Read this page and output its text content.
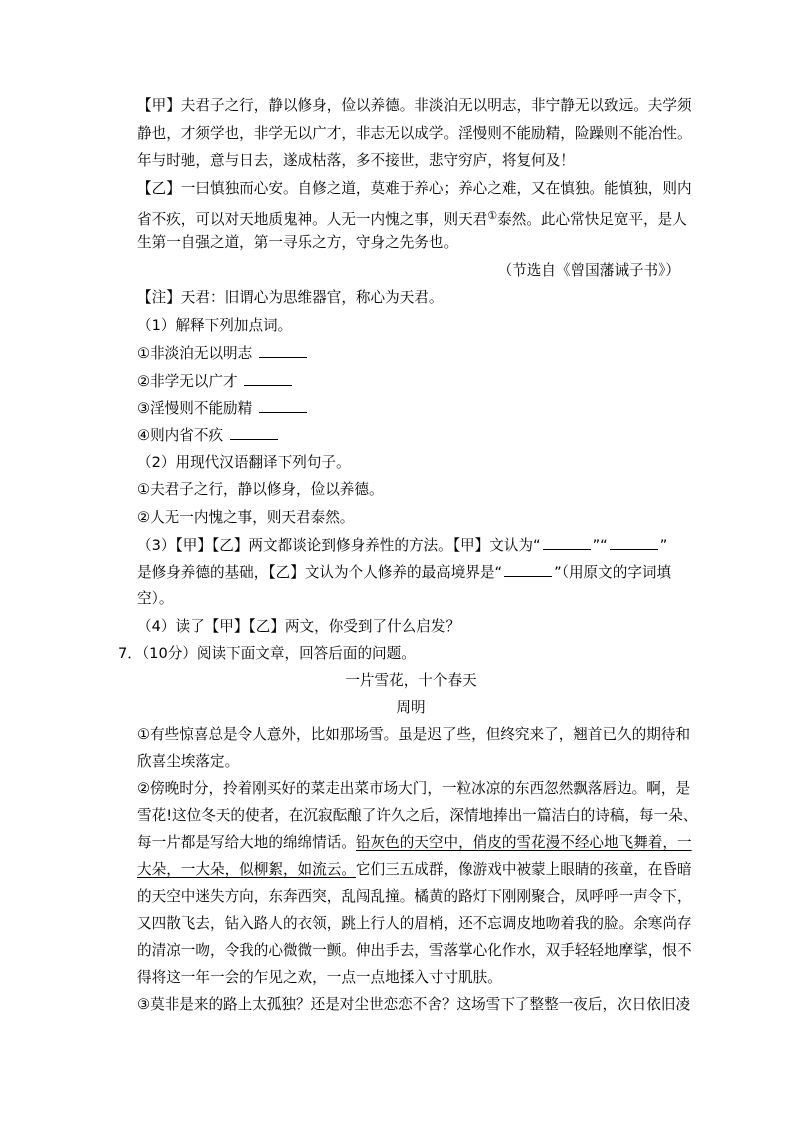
【甲】夫君子之行，静以修身，俭以养德。非淡泊无以明志，非宁静无以致远。夫学须
静也，才须学也，非学无以广才，非志无以成学。淫慢则不能励精，险躁则不能冶性。
年与时驰，意与日去，遂成枯落，多不接世，悲守穷庐，将复何及！
【乙】一曰慎独而心安。自修之道，莫难于养心；养心之难，又在慎独。能慎独，则内
省不疚，可以对天地质鬼神。人无一内愧之事，则天君①泰然。此心常快足宽平，是人
生第一自强之道，第一寻乐之方，守身之先务也。
（节选自《曾国藩诫子书》）
【注】天君：旧谓心为思维器官，称心为天君。
（1）解释下列加点词。
①非淡泊无以明志
②非学无以广才
③淫慢则不能励精
④则内省不疚
（2）用现代汉语翻译下列句子。
①夫君子之行，静以修身，俭以养德。
②人无一内愧之事，则天君泰然。
（3）【甲】【乙】两文都谈论到修身养性的方法。【甲】文认为“	”“	”
是修身养德的基础，【乙】文认为个人修养的最高境界是“	”（用原文的字词填
空）。
（4）读了【甲】【乙】两文，你受到了什么启发？
7．（10分）阅读下面文章，回答后面的问题。
一片雪花，十个春天
周明
①有些惊喜总是令人意外，比如那场雪。虽是迟了些，但终究来了，翘首已久的期待和
欣喜尘埃落定。
②傍晚时分，拎着刚买好的菜走出菜市场大门，一粒冰凉的东西忽然飘落唇边。啊，是
雪花!这位冬天的使者，在沉寂酝酿了许久之后，深情地捧出一篇洁白的诗稿，每一朵、
每一片都是写给大地的绵绵情话。铅灰色的天空中，俏皮的雪花漫不经心地飞舞着，一
大朵，一大朵，似柳絮，如流云。它们三五成群，像游戏中被蒙上眼睛的孩童，在昏暗
的天空中迷失方向，东奔西突，乱闯乱撞。橘黄的路灯下刚刚聚合，凤呼呼一声令下，
又四散飞去，钻入路人的衣领，跳上行人的眉梢，还不忘调皮地吻着我的脸。余寒尚存
的清凉一吻，令我的心微微一颤。伸出手去，雪落掌心化作水，双手轻轻地摩挲，恨不
得将这一年一会的乍见之欢，一点一点地揉入寸寸肌肤。
③莫非是来的路上太孤独？还是对尘世恋恋不舍？这场雪下了整整一夜后，次日依旧凌
